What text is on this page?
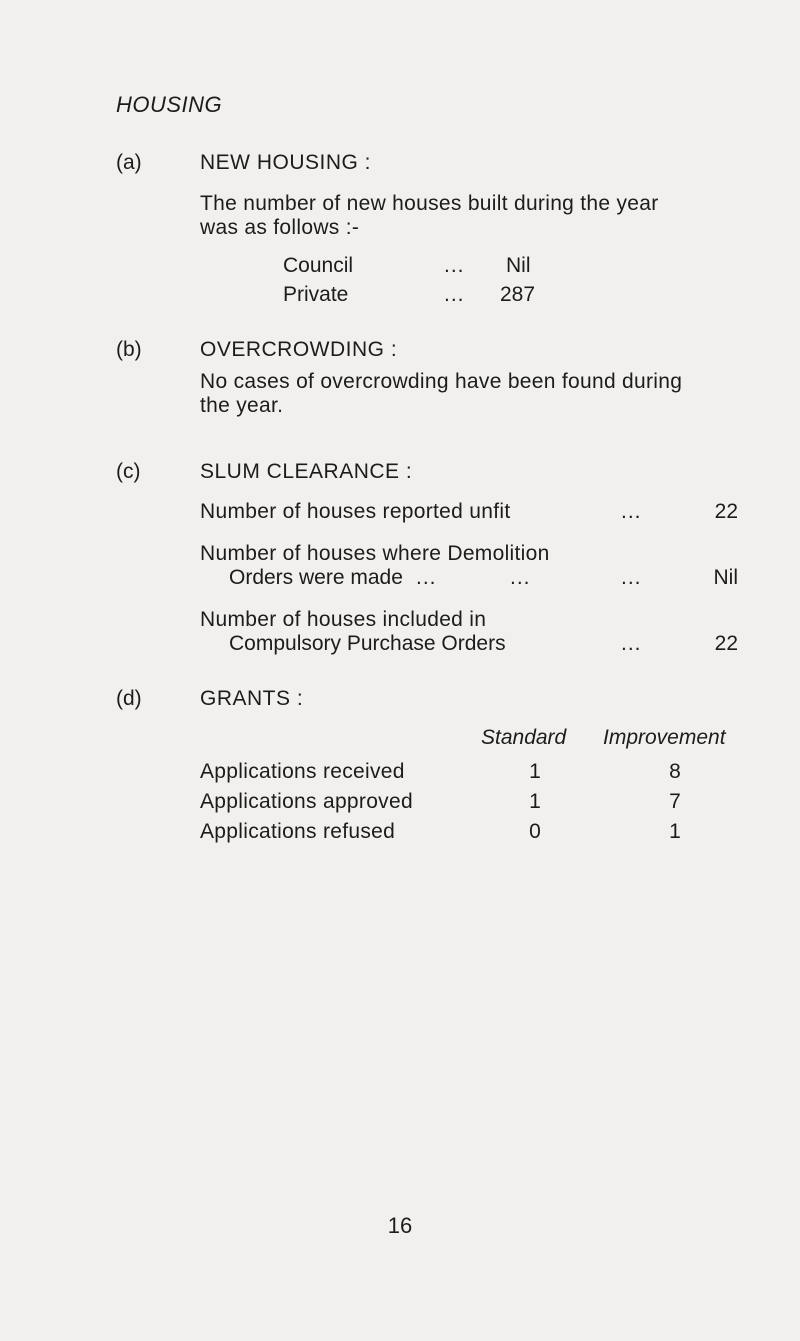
HOUSING
(a)	NEW HOUSING :
The number of new houses built during the year
was as follows :-
Council	... Nil
Private	... 287
(b)	OVERCROWDING :
No cases of overcrowding have been found during
the year.
(c)	SLUM CLEARANCE :
Number of houses reported unfit	...	22
Number of houses where Demolition
Orders were made ...	...	...	Nil
Number of houses included in
Compulsory Purchase Orders	...	22
(d)	GRANTS :
Standard Improvement
Applications received	1	8
Applications approved	1	7
Applications refused	0	1
16
